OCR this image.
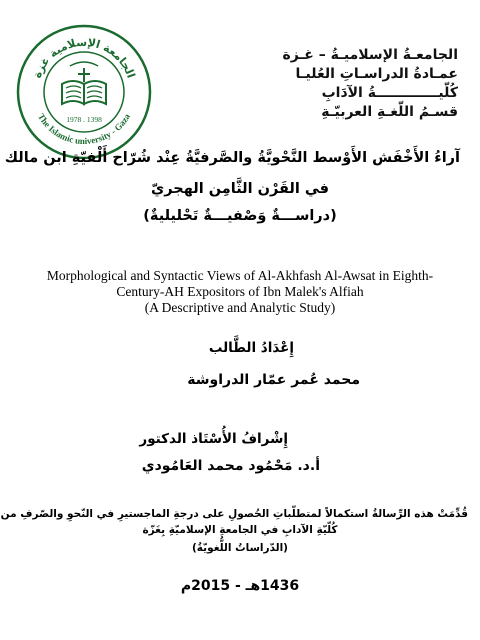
الجامعة الإسلامية غزة
The Islamic university - Gaza
1978 . 1398
الجامعـةُ الإسلاميـةُ – غـزة
عمـادةُ الدراسـاتِ العُليـا
كُلّيـــــــــــــةُ الآدَابِ
قسـمُ اللّغـةِ العربيّـةِ
آراءُ الأَخْفَش الأَوْسط النَّحْويَّةُ والصَّرفيَّةُ عِنْد شُرّاح أَلْفيّةِ ابن مالك
في القَرْن الثَّامِن الهجريّ
(دراســـةٌ وَصْفيـــةٌ تَحْليليةٌ)
Morphological and Syntactic Views of Al-Akhfash Al-Awsat in Eighth-
Century-AH Expositors of Ibn Malek's Alfiah
(A Descriptive and Analytic Study)
إِعْدَادُ الطَّالب
محمد عُمر عمّار الدراوشة
إِشْرافُ الأُسْتَاذ الدكتور
أ.د. مَحْمُود محمد العَامُودي
قُدِّمَتْ هذه الرِّسالةُ استكمالاً لمتطلّباتِ الحُصولِ على درجةِ الماجستيرِ في النّحوِ والصّرفِ من
كُلّيّةِ الآدابِ في الجامعةِ الإسلاميّةِ بِغَزّة
(الدّراساتُ اللُّغويّةُ)
1436هـ - 2015م
